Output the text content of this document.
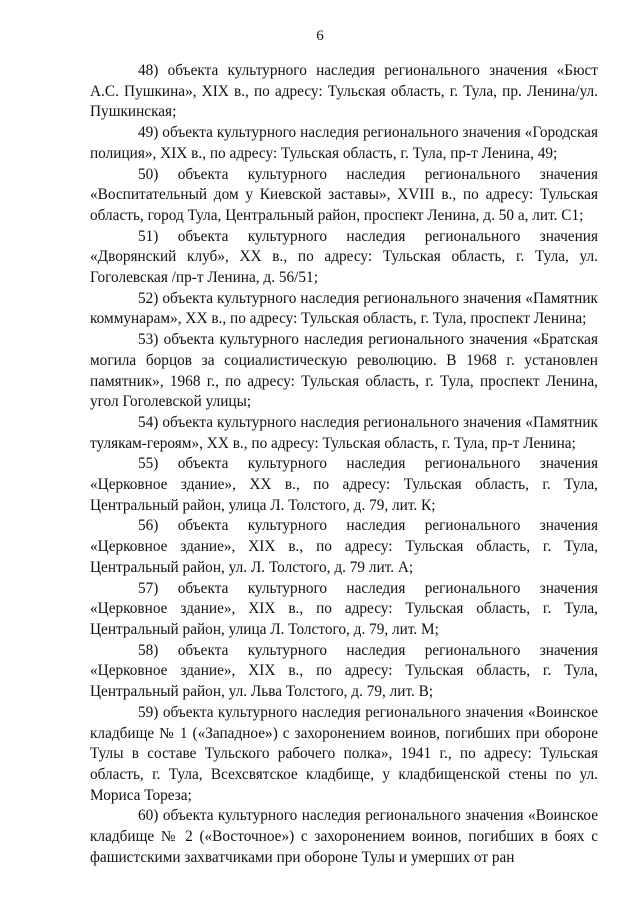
6

48) объекта культурного наследия регионального значения «Бюст А.С. Пушкина», XIX в., по адресу: Тульская область, г. Тула, пр. Ленина/ул. Пушкинская;

49) объекта культурного наследия регионального значения «Городская полиция», XIX в., по адресу: Тульская область, г. Тула, пр-т Ленина, 49;

50) объекта культурного наследия регионального значения «Воспитательный дом у Киевской заставы», XVIII в., по адресу: Тульская область, город Тула, Центральный район, проспект Ленина, д. 50 а, лит. С1;

51) объекта культурного наследия регионального значения «Дворянский клуб», XX в., по адресу: Тульская область, г. Тула, ул. Гоголевская /пр-т Ленина, д. 56/51;

52) объекта культурного наследия регионального значения «Памятник коммунарам», XX в., по адресу: Тульская область, г. Тула, проспект Ленина;

53) объекта культурного наследия регионального значения «Братская могила борцов за социалистическую революцию. В 1968 г. установлен памятник», 1968 г., по адресу: Тульская область, г. Тула, проспект Ленина, угол Гоголевской улицы;

54) объекта культурного наследия регионального значения «Памятник тулякам-героям», XX в., по адресу: Тульская область, г. Тула, пр-т Ленина;

55) объекта культурного наследия регионального значения «Церковное здание», XX в., по адресу: Тульская область, г. Тула, Центральный район, улица Л. Толстого, д. 79, лит. К;

56) объекта культурного наследия регионального значения «Церковное здание», XIX в., по адресу: Тульская область, г. Тула, Центральный район, ул. Л. Толстого, д. 79 лит. А;

57) объекта культурного наследия регионального значения «Церковное здание», XIX в., по адресу: Тульская область, г. Тула, Центральный район, улица Л. Толстого, д. 79, лит. М;

58) объекта культурного наследия регионального значения «Церковное здание», XIX в., по адресу: Тульская область, г. Тула, Центральный район, ул. Льва Толстого, д. 79, лит. В;

59) объекта культурного наследия регионального значения «Воинское кладбище № 1 («Западное») с захоронением воинов, погибших при обороне Тулы в составе Тульского рабочего полка», 1941 г., по адресу: Тульская область, г. Тула, Всехсвятское кладбище, у кладбищенской стены по ул. Мориса Тореза;

60) объекта культурного наследия регионального значения «Воинское кладбище № 2 («Восточное») с захоронением воинов, погибших в боях с фашистскими захватчиками при обороне Тулы и умерших от ран
